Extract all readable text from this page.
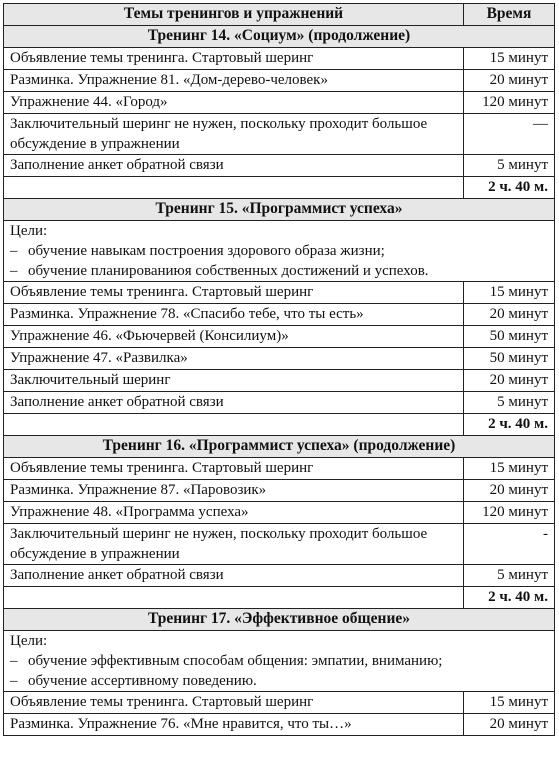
Темы тренингов и упражнений	Время
Тренинг 14. «Социум» (продолжение)	
Объявление темы тренинга. Стартовый шеринг	15 минут
Разминка. Упражнение 81. «Дом-дерево-человек»	20 минут
Упражнение 44. «Город»	120 минут
Заключительный шеринг не нужен, поскольку проходит большое обсуждение в упражнении	—
Заполнение анкет обратной связи	5 минут
	2 ч. 40 м.
Тренинг 15. «Программист успеха»	

Цели:
– обучение навыкам построения здорового образа жизни;
– обучение планированиюя собственных достижений и успехов.	

Объявление темы тренинга. Стартовый шеринг	15 минут
Разминка. Упражнение 78. «Спасибо тебе, что ты есть»	20 минут
Упражнение 46. «Фьючервей (Консилиум)»	50 минут
Упражнение 47. «Развилка»	50 минут
Заключительный шеринг	20 минут
Заполнение анкет обратной связи	5 минут
	2 ч. 40 м.
Тренинг 16. «Программист успеха» (продолжение)	
Объявление темы тренинга. Стартовый шеринг	15 минут
Разминка. Упражнение 87. «Паровозик»	20 минут
Упражнение 48. «Программа успеха»	120 минут
Заключительный шеринг не нужен, поскольку проходит большое обсуждение в упражнении	-
Заполнение анкет обратной связи	5 минут
	2 ч. 40 м.
Тренинг 17. «Эффективное общение»	

Цели:
– обучение эффективным способам общения: эмпатии, вниманию;
– обучение ассертивному поведению.	

Объявление темы тренинга. Стартовый шеринг	15 минут
Разминка. Упражнение 76. «Мне нравится, что ты…»	20 минут
